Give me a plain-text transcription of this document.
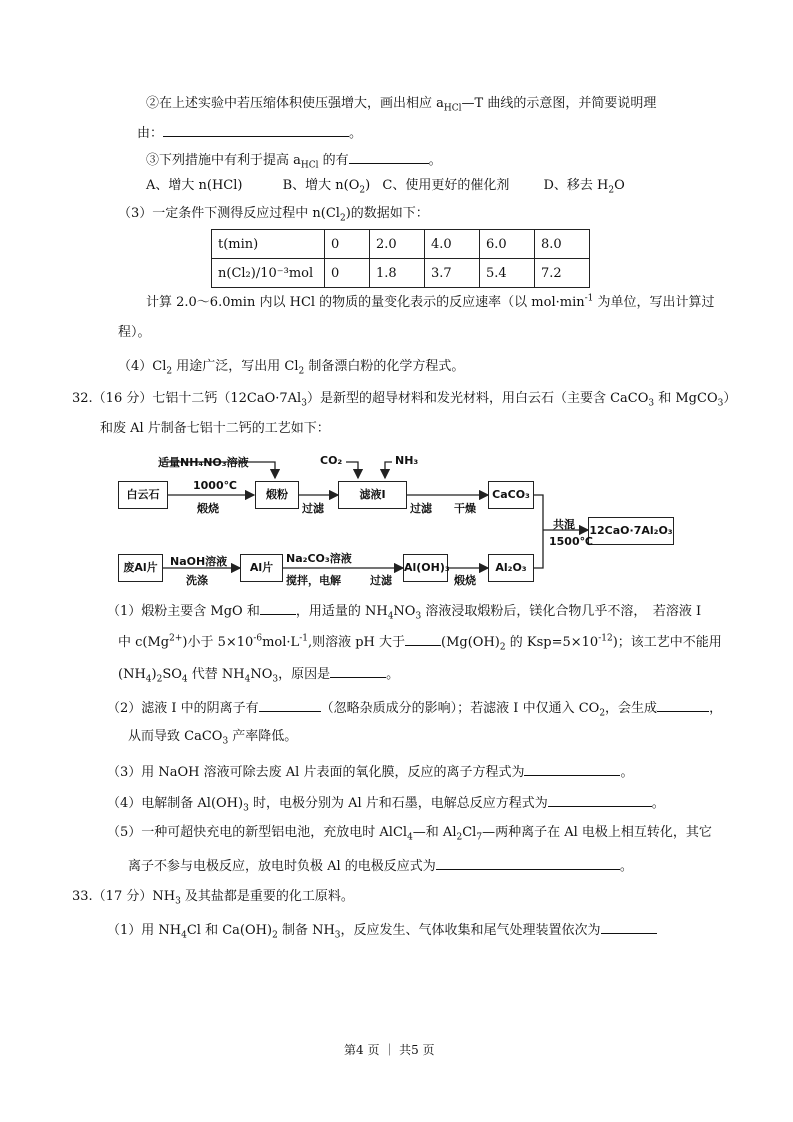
②在上述实验中若压缩体积使压强增大，画出相应 $a_{HCl}—T$ 曲线的示意图，并简要说明理
由：	。
③下列措施中有利于提高 $a_{HCl}$ 的有	。
A、增大 n(HCl)	B、增大 $n(O_2)$ C、使用更好的催化剂	D、移去 $H_2O$
（3）一定条件下测得反应过程中 $n(Cl_2)$的数据如下：
t(min)	0	2.0	4.0	6.0	8.0
n(Cl₂)/10⁻³mol	0	1.8	3.7	5.4	7.2
计算 2.0～6.0min 内以 HCl 的物质的量变化表示的反应速率（以 $mol\cdot\min^{-1}$ 为单位，写出计算过
程）。
$(4)Cl_2$ 用途广泛，写出用 $Cl_2$ 制备漂白粉的化学方程式。
32.（16 分）七铝十二钙$(12CaO\cdot 7Al_3)$是新型的超导材料和发光材料，用白云石（主要含 CaCO$_3$ 和 MgCO$_3$）
和废 Al 片制备七铝十二钙的工艺如下：
白云石	煅粉	滤液I	CaCO₃
12CaO·7Al₂O₃
废Al片	Al片	Al(OH)₃	Al₂O₃
适量NH₄NO₃溶液	CO₂	NH₃
1000℃
煅烧	过滤	过滤 干燥
共混
1500℃
NaOH溶液
洗涤
Na₂CO₃溶液
搅拌，电解	过滤	煅烧
（1）煅粉主要含 MgO 和	，用适量的 $NH_4NO_3$ 溶液浸取煅粉后，镁化合物几乎不溶，　若溶液 I
中 $c(Mg^{2+})$小于 $5\times 10^{-6}mol\cdot L^{-1}$,则溶液 pH 大于	($Mg(OH)_2$ 的 $Ksp=5\times 10^{-12}$)；该工艺中不能用
$(NH_4)_2SO_4$ 代替 $NH_4NO_3$，原因是	。
（2）滤液 I 中的阴离子有	（忽略杂质成分的影响）；若滤液 I 中仅通入 $CO_2$，会生成	，
从而导致 CaCO$_3$ 产率降低。
（3）用 NaOH 溶液可除去废 Al 片表面的氧化膜，反应的离子方程式为	。
（4）电解制备 $Al(OH)_3$ 时，电极分别为 Al 片和石墨，电解总反应方程式为	。
（5）一种可超快充电的新型铝电池，充放电时 AlCl$_4$—和 $Al_2Cl_7—$两种离子在 Al 电极上相互转化，其它
离子不参与电极反应，放电时负极 Al 的电极反应式为	。
33.（17 分）$NH_3$ 及其盐都是重要的化工原料。
（1）用 $NH_4Cl$ 和 $Ca(OH)_2$ 制备 $NH_3$，反应发生、气体收集和尾气处理装置依次为
第4 页 ｜ 共5 页
